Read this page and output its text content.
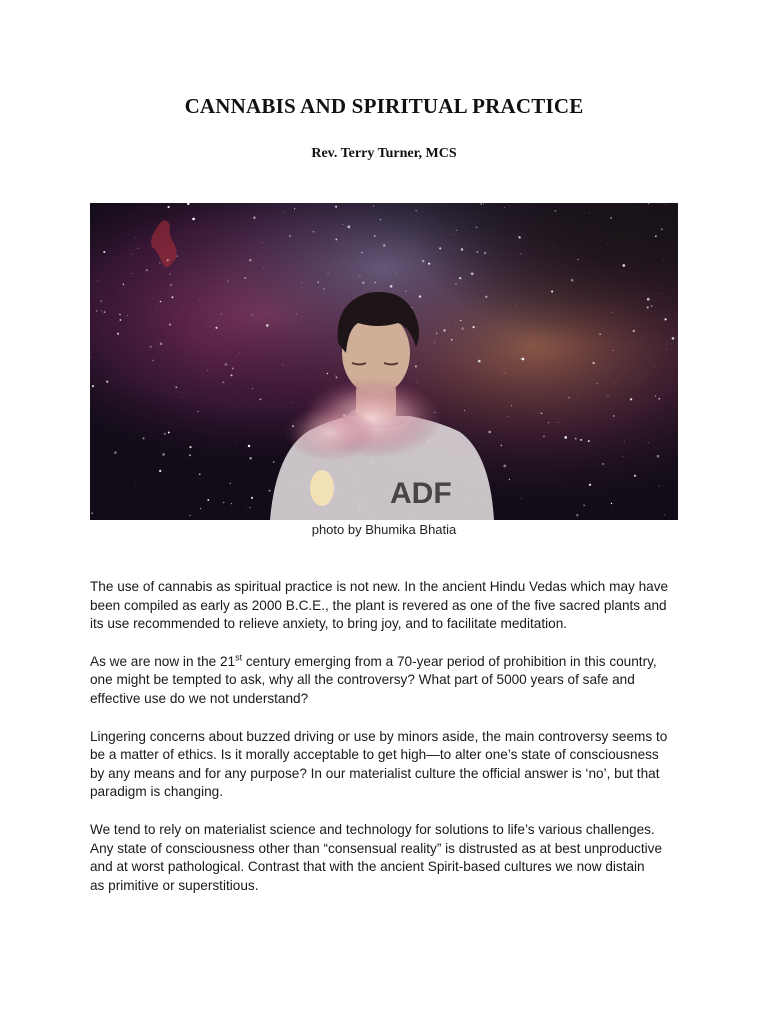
CANNABIS AND SPIRITUAL PRACTICE
Rev. Terry Turner, MCS
ADF
photo by Bhumika Bhatia

The use of cannabis as spiritual practice is not new. In the ancient Hindu Vedas which may have
been compiled as early as 2000 B.C.E., the plant is revered as one of the five sacred plants and
its use recommended to relieve anxiety, to bring joy, and to facilitate meditation.

As we are now in the 21st century emerging from a 70-year period of prohibition in this country,
one might be tempted to ask, why all the controversy? What part of 5000 years of safe and
effective use do we not understand?

Lingering concerns about buzzed driving or use by minors aside, the main controversy seems to
be a matter of ethics. Is it morally acceptable to get high—to alter one’s state of consciousness
by any means and for any purpose? In our materialist culture the official answer is ‘no’, but that
paradigm is changing.

We tend to rely on materialist science and technology for solutions to life’s various challenges.
Any state of consciousness other than “consensual reality” is distrusted as at best unproductive
and at worst pathological. Contrast that with the ancient Spirit-based cultures we now distain
as primitive or superstitious.
